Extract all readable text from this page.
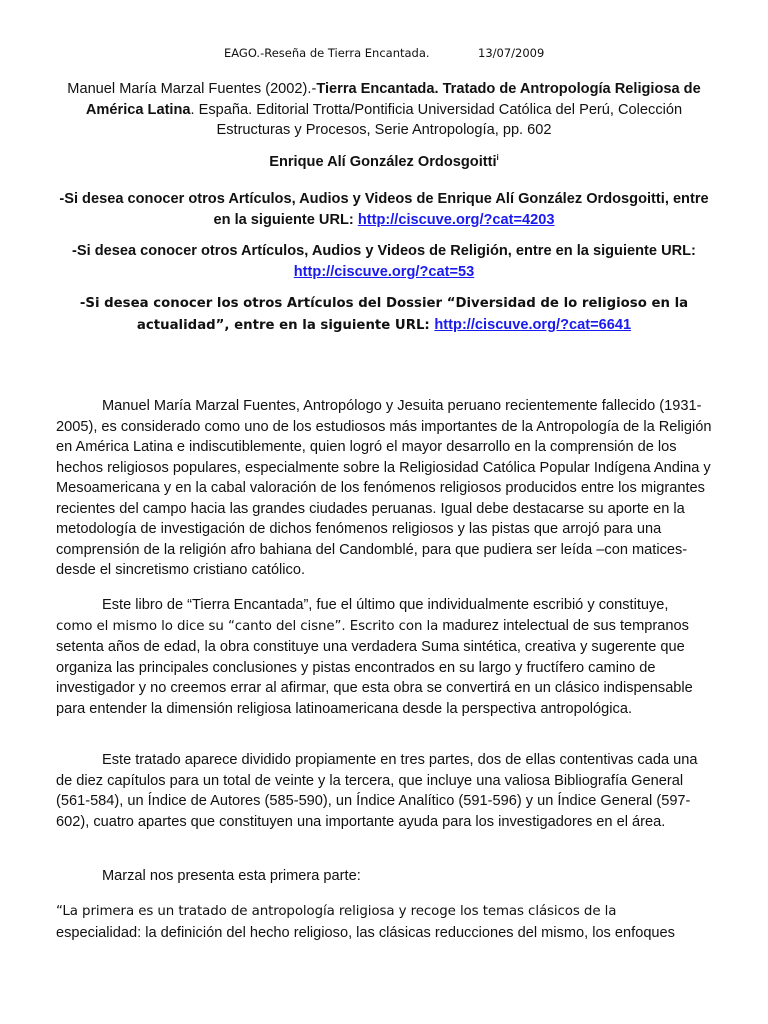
EAGO.-Reseña de Tierra Encantada.	13/07/2009
Manuel María Marzal Fuentes (2002).-Tierra Encantada. Tratado de Antropología Religiosa de América Latina. España. Editorial Trotta/Pontificia Universidad Católica del Perú, Colección Estructuras y Procesos, Serie Antropología, pp. 602
Enrique Alí González Ordosgoitti$^i$
-Si desea conocer otros Artículos, Audios y Videos de Enrique Alí González Ordosgoitti, entre en la siguiente URL: http://ciscuve.org/?cat=4203
-Si desea conocer otros Artículos, Audios y Videos de Religión, entre en la siguiente URL: http://ciscuve.org/?cat=53
-Si desea conocer los otros Artículos del Dossier “Diversidad de lo religioso en la actualidad”, entre en la siguiente URL: http://ciscuve.org/?cat=6641

Manuel María Marzal Fuentes, Antropólogo y Jesuita peruano recientemente fallecido (1931-2005), es considerado como uno de los estudiosos más importantes de la Antropología de la Religión en América Latina e indiscutiblemente, quien logró el mayor desarrollo en la comprensión de los hechos religiosos populares, especialmente sobre la Religiosidad Católica Popular Indígena Andina y Mesoamericana y en la cabal valoración de los fenómenos religiosos producidos entre los migrantes recientes del campo hacia las grandes ciudades peruanas. Igual debe destacarse su aporte en la metodología de investigación de dichos fenómenos religiosos y las pistas que arrojó para una comprensión de la religión afro bahiana del Candomblé, para que pudiera ser leída –con matices- desde el sincretismo cristiano católico.

Este libro de “Tierra Encantada”, fue el último que individualmente escribió y constituye,
como el mismo lo dice su “canto del cisne”. Escrito con la madurez intelectual de sus tempranos setenta años de edad, la obra constituye una verdadera Suma sintética, creativa y sugerente que organiza las principales conclusiones y pistas encontrados en su largo y fructífero camino de investigador y no creemos errar al afirmar, que esta obra se convertirá en un clásico indispensable para entender la dimensión religiosa latinoamericana desde la perspectiva antropológica.

Este tratado aparece dividido propiamente en tres partes, dos de ellas contentivas cada una de diez capítulos para un total de veinte y la tercera, que incluye una valiosa Bibliografía General (561-584), un Índice de Autores (585-590), un Índice Analítico (591-596) y un Índice General (597-602), cuatro apartes que constituyen una importante ayuda para los investigadores en el área.

Marzal nos presenta esta primera parte:

“La primera es un tratado de antropología religiosa y recoge los temas clásicos de la
especialidad: la definición del hecho religioso, las clásicas reducciones del mismo, los enfoques
